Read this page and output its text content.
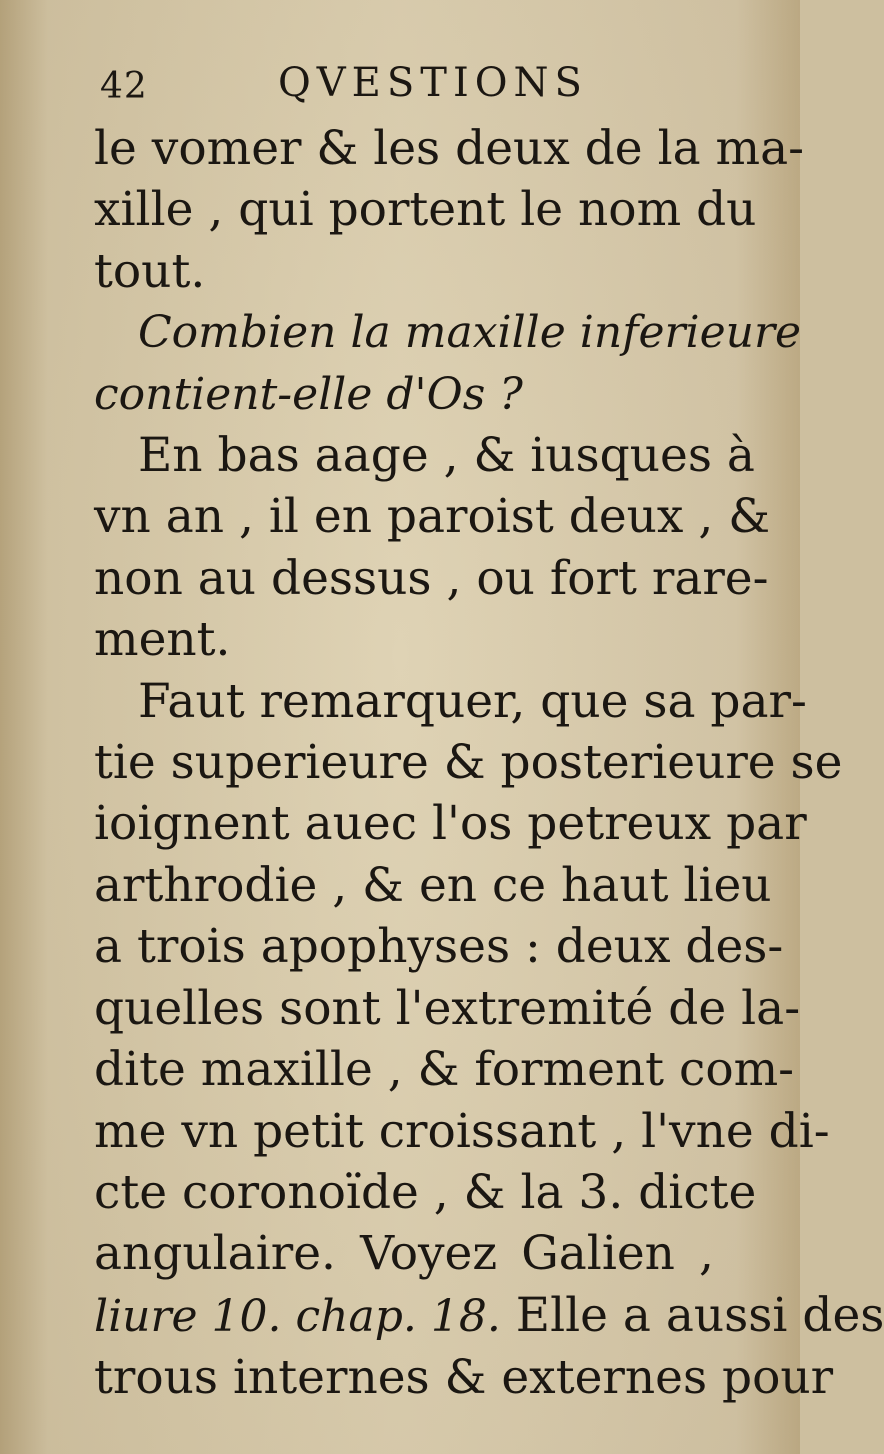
42	QVESTIONS
le vomer & les deux de la ma-
xille , qui portent le nom du
tout.
Combien la maxille inferieure
contient-elle d'Os ?
En bas aage , & iusques à
vn an , il en paroist deux , &
non au dessus , ou fort rare-
ment.
Faut remarquer, que sa par-
tie superieure & posterieure se
ioignent auec l'os petreux par
arthrodie , & en ce haut lieu
a trois apophyses : deux des-
quelles sont l'extremité de la-
dite maxille , & forment com-
me vn petit croissant , l'vne di-
cte coronoïde , & la 3. dicte
angulaire. Voyez Galien ,
liure 10. chap. 18. Elle a aussi des
trous internes & externes pour
